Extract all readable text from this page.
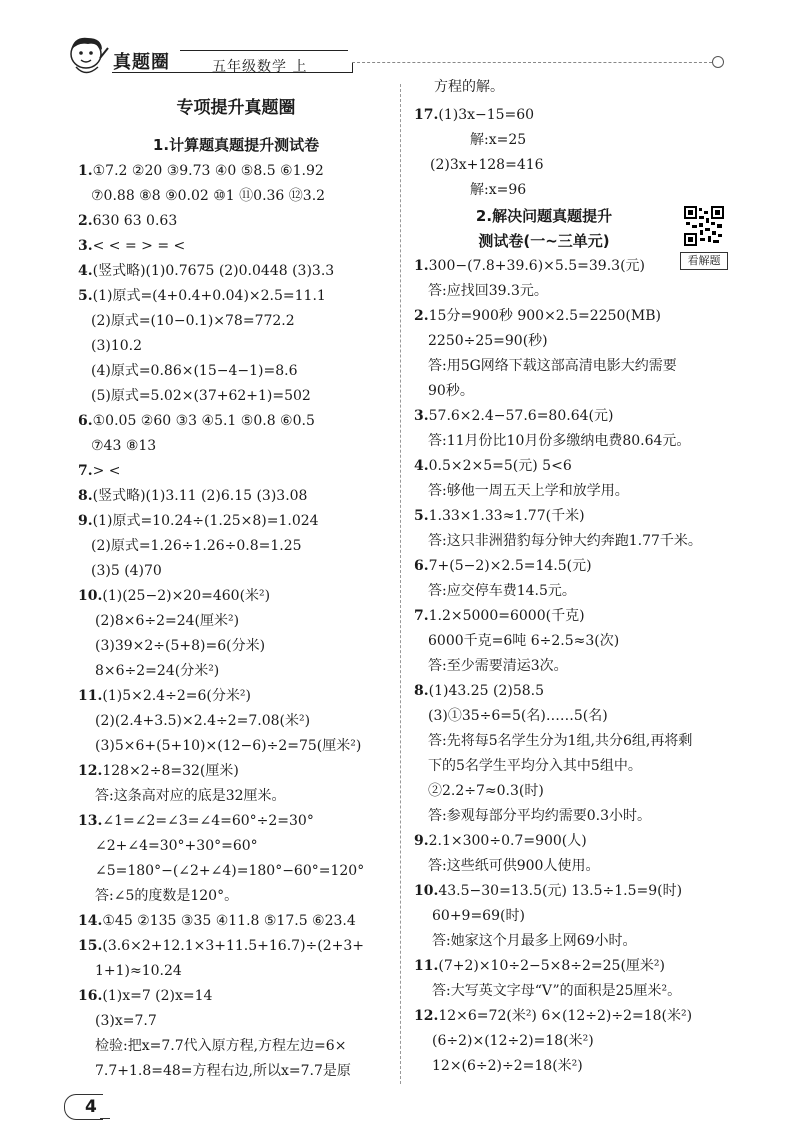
真题圈	五年级数学 上
专项提升真题圈
1.计算题真题提升测试卷
1.①7.2 ②20 ③9.73 ④0 ⑤8.5 ⑥1.92
⑦0.88 ⑧8 ⑨0.02 ⑩1 ⑪0.36 ⑫3.2
2.630 63 0.63
3.< < = > = <
4.(竖式略)(1)0.7675 (2)0.0448 (3)3.3
5.(1)原式=(4+0.4+0.04)×2.5=11.1
(2)原式=(10−0.1)×78=772.2
(3)10.2
(4)原式=0.86×(15−4−1)=8.6
(5)原式=5.02×(37+62+1)=502
6.①0.05 ②60 ③3 ④5.1 ⑤0.8 ⑥0.5
⑦43 ⑧13
7.> <
8.(竖式略)(1)3.11 (2)6.15 (3)3.08
9.(1)原式=10.24÷(1.25×8)=1.024
(2)原式=1.26÷1.26÷0.8=1.25
(3)5 (4)70
10.(1)(25−2)×20=460(米²)
(2)8×6÷2=24(厘米²)
(3)39×2÷(5+8)=6(分米)
8×6÷2=24(分米²)
11.(1)5×2.4÷2=6(分米²)
(2)(2.4+3.5)×2.4÷2=7.08(米²)
(3)5×6+(5+10)×(12−6)÷2=75(厘米²)
12.128×2÷8=32(厘米)
答:这条高对应的底是32厘米。
13.∠1=∠2=∠3=∠4=60°÷2=30°
∠2+∠4=30°+30°=60°
∠5=180°−(∠2+∠4)=180°−60°=120°
答:∠5的度数是120°。
14.①45 ②135 ③35 ④11.8 ⑤17.5 ⑥23.4
15.(3.6×2+12.1×3+11.5+16.7)÷(2+3+
1+1)≈10.24
16.(1)x=7 (2)x=14
(3)x=7.7
检验:把x=7.7代入原方程,方程左边=6×
7.7+1.8=48=方程右边,所以x=7.7是原
方程的解。
17.(1)3x−15=60
解:x=25
(2)3x+128=416
解:x=96
2.解决问题真题提升
测试卷(一~三单元)
看解题
1.300−(7.8+39.6)×5.5=39.3(元)
答:应找回39.3元。
2.15分=900秒 900×2.5=2250(MB)
2250÷25=90(秒)
答:用5G网络下载这部高清电影大约需要
90秒。
3.57.6×2.4−57.6=80.64(元)
答:11月份比10月份多缴纳电费80.64元。
4.0.5×2×5=5(元) 5<6
答:够他一周五天上学和放学用。
5.1.33×1.33≈1.77(千米)
答:这只非洲猎豹每分钟大约奔跑1.77千米。
6.7+(5−2)×2.5=14.5(元)
答:应交停车费14.5元。
7.1.2×5000=6000(千克)
6000千克=6吨 6÷2.5≈3(次)
答:至少需要清运3次。
8.(1)43.25 (2)58.5
(3)①35÷6=5(名)……5(名)
答:先将每5名学生分为1组,共分6组,再将剩
下的5名学生平均分入其中5组中。
②2.2÷7≈0.3(时)
答:参观每部分平均约需要0.3小时。
9.2.1×300÷0.7=900(人)
答:这些纸可供900人使用。
10.43.5−30=13.5(元) 13.5÷1.5=9(时)
60+9=69(时)
答:她家这个月最多上网69小时。
11.(7+2)×10÷2−5×8÷2=25(厘米²)
答:大写英文字母“V”的面积是25厘米²。
12.12×6=72(米²) 6×(12÷2)÷2=18(米²)
(6÷2)×(12÷2)=18(米²)
12×(6÷2)÷2=18(米²)
4
